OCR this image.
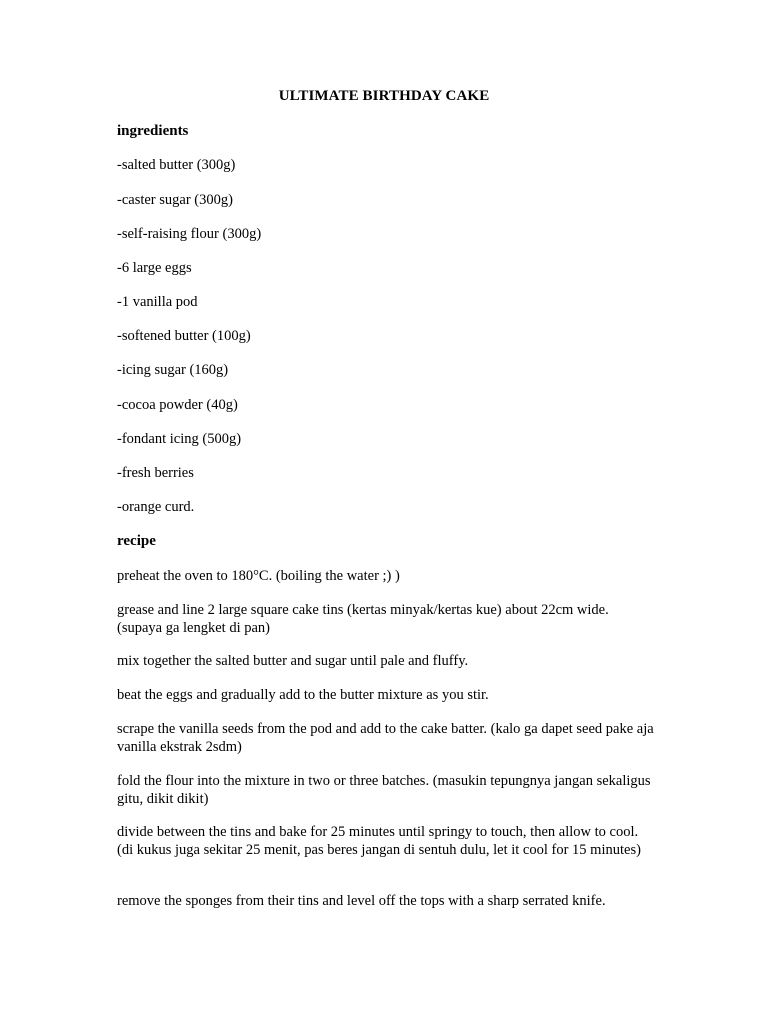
ULTIMATE BIRTHDAY CAKE
ingredients
-salted butter (300g)
-caster sugar (300g)
-self-raising flour (300g)
-6 large eggs
-1 vanilla pod
-softened butter (100g)
-icing sugar (160g)
-cocoa powder (40g)
-fondant icing (500g)
-fresh berries
-orange curd.
recipe
preheat the oven to 180°C. (boiling the water ;) )
grease and line 2 large square cake tins (kertas minyak/kertas kue) about 22cm wide. (supaya ga lengket di pan)
mix together the salted butter and sugar until pale and fluffy.
beat the eggs and gradually add to the butter mixture as you stir.
scrape the vanilla seeds from the pod and add to the cake batter. (kalo ga dapet seed pake aja vanilla ekstrak 2sdm)
fold the flour into the mixture in two or three batches. (masukin tepungnya jangan sekaligus gitu, dikit dikit)
divide between the tins and bake for 25 minutes until springy to touch, then allow to cool. (di kukus juga sekitar 25 menit, pas beres jangan di sentuh dulu, let it cool for 15 minutes)
remove the sponges from their tins and level off the tops with a sharp serrated knife.
